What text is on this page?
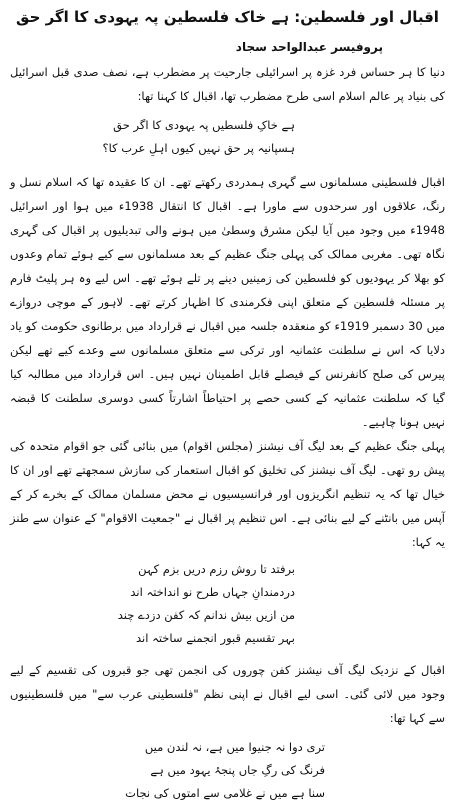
اقبال اور فلسطین: ہے خاک فلسطین پہ یہودی کا اگر حق
پروفیسر عبدالواحد سجاد

دنیا کا ہر حساس فرد غزہ پر اسرائیلی جارحیت پر مضطرب ہے، نصف صدی قبل اسرائیل کی بنیاد پر عالم اسلام اسی طرح مضطرب تھا، اقبال کا کہنا تھا:

ہے خاکِ فلسطیں پہ یہودی کا اگر حق
ہسپانیہ پر حق نہیں کیوں اہلِ عرب کا؟

اقبال فلسطینی مسلمانوں سے گہری ہمدردی رکھتے تھے۔ ان کا عقیدہ تھا کہ اسلام نسل و رنگ، علاقوں اور سرحدوں سے ماورا ہے۔ اقبال کا انتقال 1938ء میں ہوا اور اسرائیل 1948ء میں وجود میں آیا لیکن مشرق وسطیٰ میں ہونے والی تبدیلیوں پر اقبال کی گہری نگاہ تھی۔ مغربی ممالک کی پہلی جنگ عظیم کے بعد مسلمانوں سے کیے ہوئے تمام وعدوں کو بھلا کر یہودیوں کو فلسطین کی زمینیں دینے پر تلے ہوئے تھے۔ اس لیے وہ ہر پلیٹ فارم پر مسئلہ فلسطین کے متعلق اپنی فکرمندی کا اظہار کرتے تھے۔ لاہور کے موچی دروازے میں 30 دسمبر 1919ء کو منعقدہ جلسہ میں اقبال نے قرارداد میں برطانوی حکومت کو یاد دلایا کہ اس نے سلطنت عثمانیہ اور ترکی سے متعلق مسلمانوں سے وعدے کیے تھے لیکن پیرس کی صلح کانفرنس کے فیصلے قابل اطمینان نہیں ہیں۔ اس قرارداد میں مطالبہ کیا گیا کہ سلطنت عثمانیہ کے کسی حصے پر احتیاطاً اشارتاً کسی دوسری سلطنت کا قبضہ نہیں ہونا چاہیے۔

پہلی جنگ عظیم کے بعد لیگ آف نیشنز (مجلس اقوام) میں بنائی گئی جو اقوام متحدہ کی پیش رو تھی۔ لیگ آف نیشنز کی تخلیق کو اقبال استعمار کی سازش سمجھتے تھے اور ان کا خیال تھا کہ یہ تنظیم انگریزوں اور فرانسیسیوں نے محض مسلمان ممالک کے بخرے کر کے آپس میں بانٹنے کے لیے بنائی ہے۔ اس تنظیم پر اقبال نے "جمعیت الاقوام" کے عنوان سے طنز یہ کہا:

برفتد تا روش رزم دریں بزم کہن
دردمندانِ جہاں طرح نو انداختہ اند
من ازیں بیش ندانم کہ کفن دزدے چند
بہر تقسیم قبور انجمنے ساختہ اند

اقبال کے نزدیک لیگ آف نیشنز کفن چوروں کی انجمن تھی جو قبروں کی تقسیم کے لیے وجود میں لائی گئی۔ اسی لیے اقبال نے اپنی نظم "فلسطینی عرب سے" میں فلسطینیوں سے کہا تھا:

تری دوا نہ جنیوا میں ہے، نہ لندن میں
فرنگ کی رگِ جاں پنجۂ یہود میں ہے
سنا ہے میں نے غلامی سے امتوں کی نجات
